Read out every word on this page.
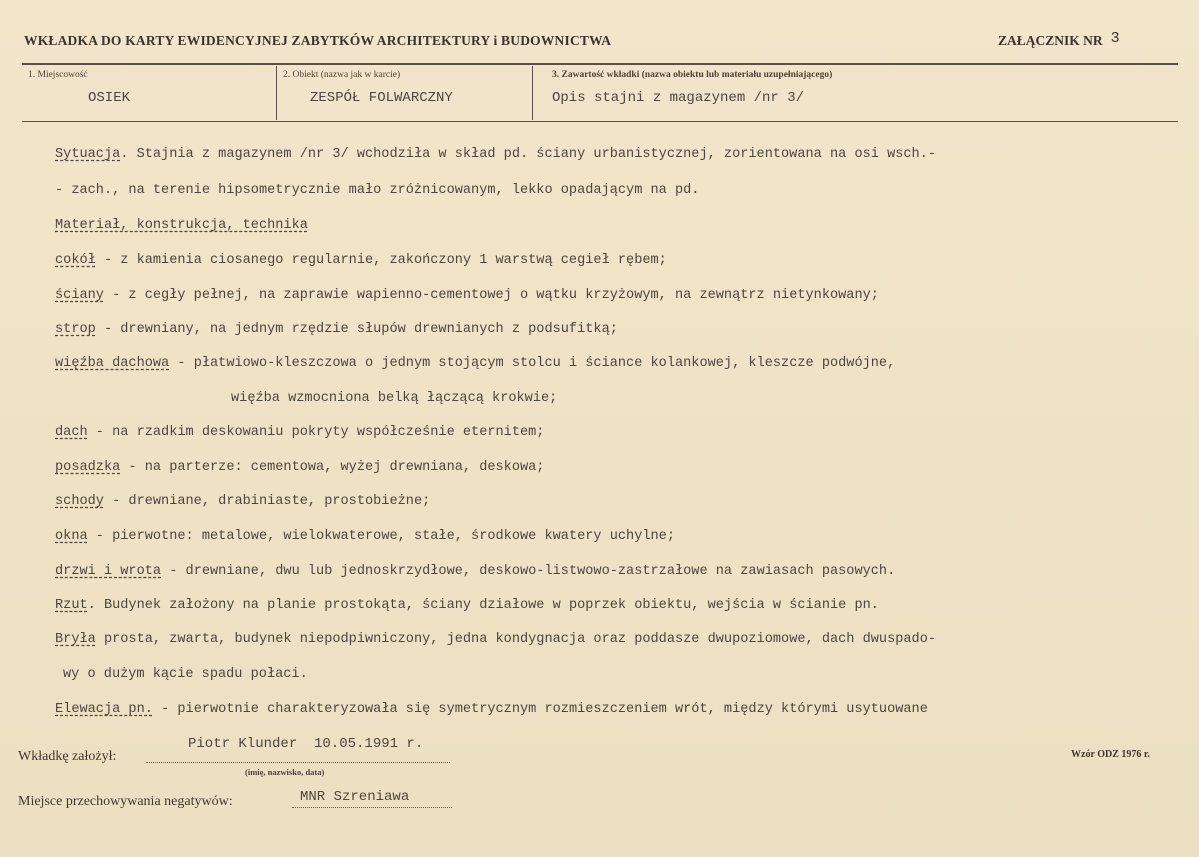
WKŁADKA DO KARTY EWIDENCYJNEJ ZABYTKÓW ARCHITEKTURY i BUDOWNICTWA	ZAŁĄCZNIK NR 3
1. Miejscowość
OSIEK
2. Obiekt (nazwa jak w karcie)
ZESPÓŁ FOLWARCZNY
3. Zawartość wkładki (nazwa obiektu lub materiału uzupełniającego)
Opis stajni z magazynem /nr 3/
Sytuacja. Stajnia z magazynem /nr 3/ wchodziła w skład pd. ściany urbanistycznej, zorientowana na osi wsch.-
- zach., na terenie hipsometrycznie mało zróżnicowanym, lekko opadającym na pd.
Materiał, konstrukcja, technika
cokół - z kamienia ciosanego regularnie, zakończony 1 warstwą cegieł rębem;
ściany - z cegły pełnej, na zaprawie wapienno-cementowej o wątku krzyżowym, na zewnątrz nietynkowany;
strop - drewniany, na jednym rzędzie słupów drewnianych z podsufitką;
więźba dachowa - płatwiowo-kleszczowa o jednym stojącym stolcu i ściance kolankowej, kleszcze podwójne,
więźba wzmocniona belką łączącą krokwie;
dach - na rzadkim deskowaniu pokryty współcześnie eternitem;
posadzka - na parterze: cementowa, wyżej drewniana, deskowa;
schody - drewniane, drabiniaste, prostobieżne;
okna - pierwotne: metalowe, wielokwaterowe, stałe, środkowe kwatery uchylne;
drzwi i wrota - drewniane, dwu lub jednoskrzydłowe, deskowo-listwowo-zastrzałowe na zawiasach pasowych.
Rzut. Budynek założony na planie prostokąta, ściany działowe w poprzek obiektu, wejścia w ścianie pn.
Bryła prosta, zwarta, budynek niepodpiwniczony, jedna kondygnacja oraz poddasze dwupoziomowe, dach dwuspado-
wy o dużym kącie spadu połaci.
Elewacja pn. - pierwotnie charakteryzowała się symetrycznym rozmieszczeniem wrót, między którymi usytuowane
Wkładkę założył:
Piotr Klunder  10.05.1991 r.
(imię, nazwisko, data)
Wzór ODZ 1976 r.
Miejsce przechowywania negatywów:	MNR Szreniawa
